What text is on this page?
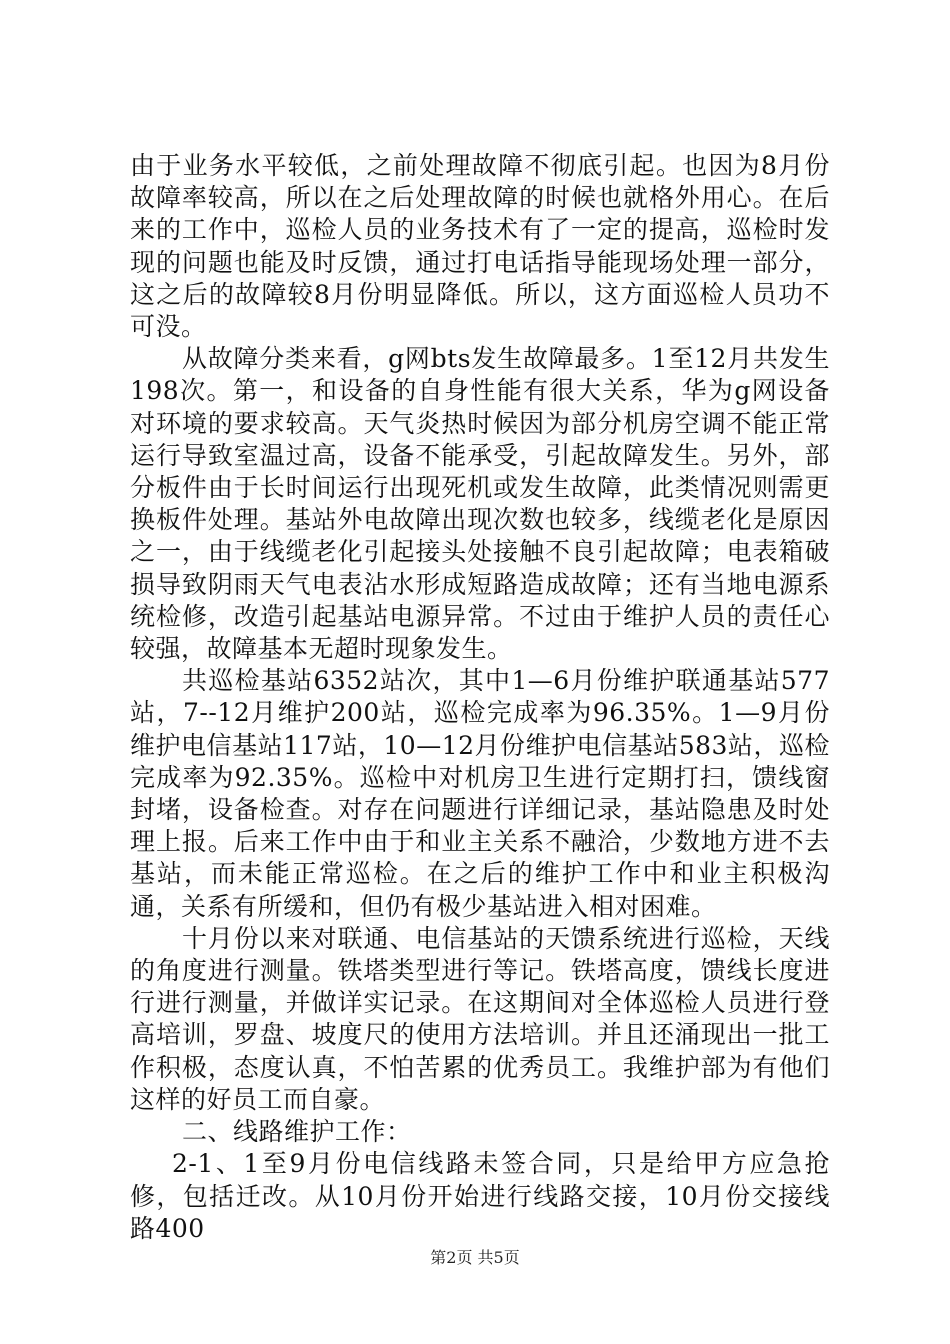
由于业务水平较低，之前处理故障不彻底引起。也因为8月份故障率较高，所以在之后处理故障的时候也就格外用心。在后来的工作中，巡检人员的业务技术有了一定的提高，巡检时发现的问题也能及时反馈，通过打电话指导能现场处理一部分，这之后的故障较8月份明显降低。所以，这方面巡检人员功不可没。

从故障分类来看，g网bts发生故障最多。1至12月共发生198次。第一，和设备的自身性能有很大关系，华为g网设备对环境的要求较高。天气炎热时候因为部分机房空调不能正常运行导致室温过高，设备不能承受，引起故障发生。另外，部分板件由于长时间运行出现死机或发生故障，此类情况则需更换板件处理。基站外电故障出现次数也较多，线缆老化是原因之一，由于线缆老化引起接头处接触不良引起故障；电表箱破损导致阴雨天气电表沾水形成短路造成故障；还有当地电源系统检修，改造引起基站电源异常。不过由于维护人员的责任心较强，故障基本无超时现象发生。

共巡检基站6352站次，其中1—6月份维护联通基站577站，7--12月维护200站，巡检完成率为96.35%。1—9月份维护电信基站117站，10—12月份维护电信基站583站，巡检完成率为92.35%。巡检中对机房卫生进行定期打扫，馈线窗封堵，设备检查。对存在问题进行详细记录，基站隐患及时处理上报。后来工作中由于和业主关系不融洽，少数地方进不去基站，而未能正常巡检。在之后的维护工作中和业主积极沟通，关系有所缓和，但仍有极少基站进入相对困难。

十月份以来对联通、电信基站的天馈系统进行巡检，天线的角度进行测量。铁塔类型进行等记。铁塔高度，馈线长度进行进行测量，并做详实记录。在这期间对全体巡检人员进行登高培训，罗盘、坡度尺的使用方法培训。并且还涌现出一批工作积极，态度认真，不怕苦累的优秀员工。我维护部为有他们这样的好员工而自豪。

二、线路维护工作：

2-1、1至9月份电信线路未签合同，只是给甲方应急抢修，包括迁改。从10月份开始进行线路交接，10月份交接线路400

第2页 共5页
